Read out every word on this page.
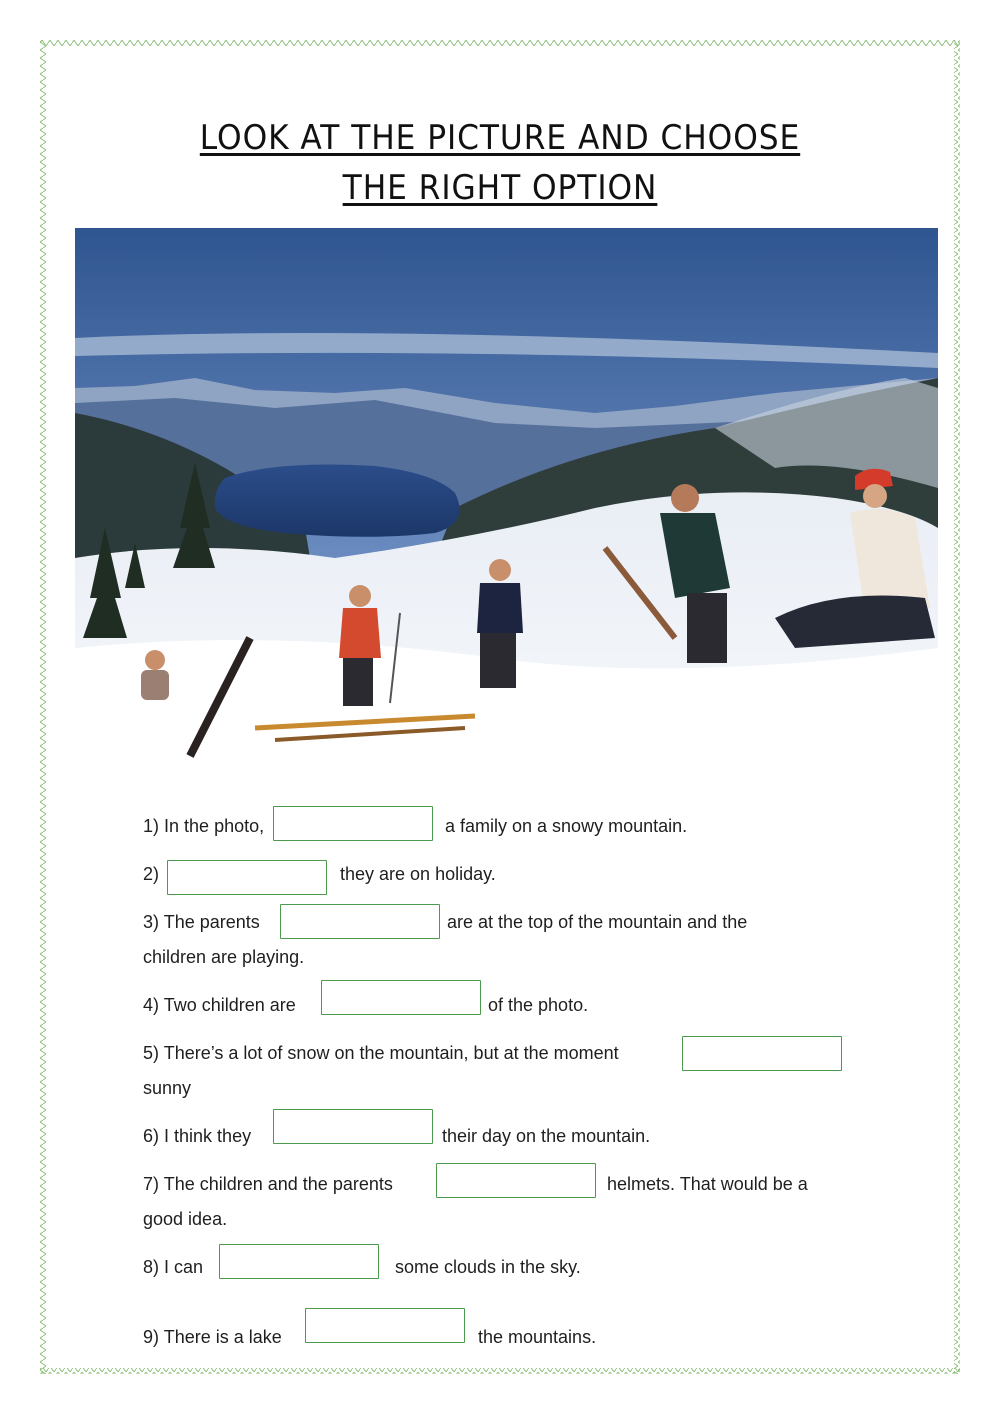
LOOK AT THE PICTURE AND CHOOSE
THE RIGHT OPTION
1) In the photo,	a family on a snowy mountain.
2)	they are on holiday.
3) The parents	are at the top of the mountain and the
children are playing.
4) Two children are	of the photo.
5) There’s a lot of snow on the mountain, but at the moment
sunny
6) I think they	their day on the mountain.
7) The children and the parents	helmets. That would be a
good idea.
8) I can	some clouds in the sky.
9) There is a lake	the mountains.
